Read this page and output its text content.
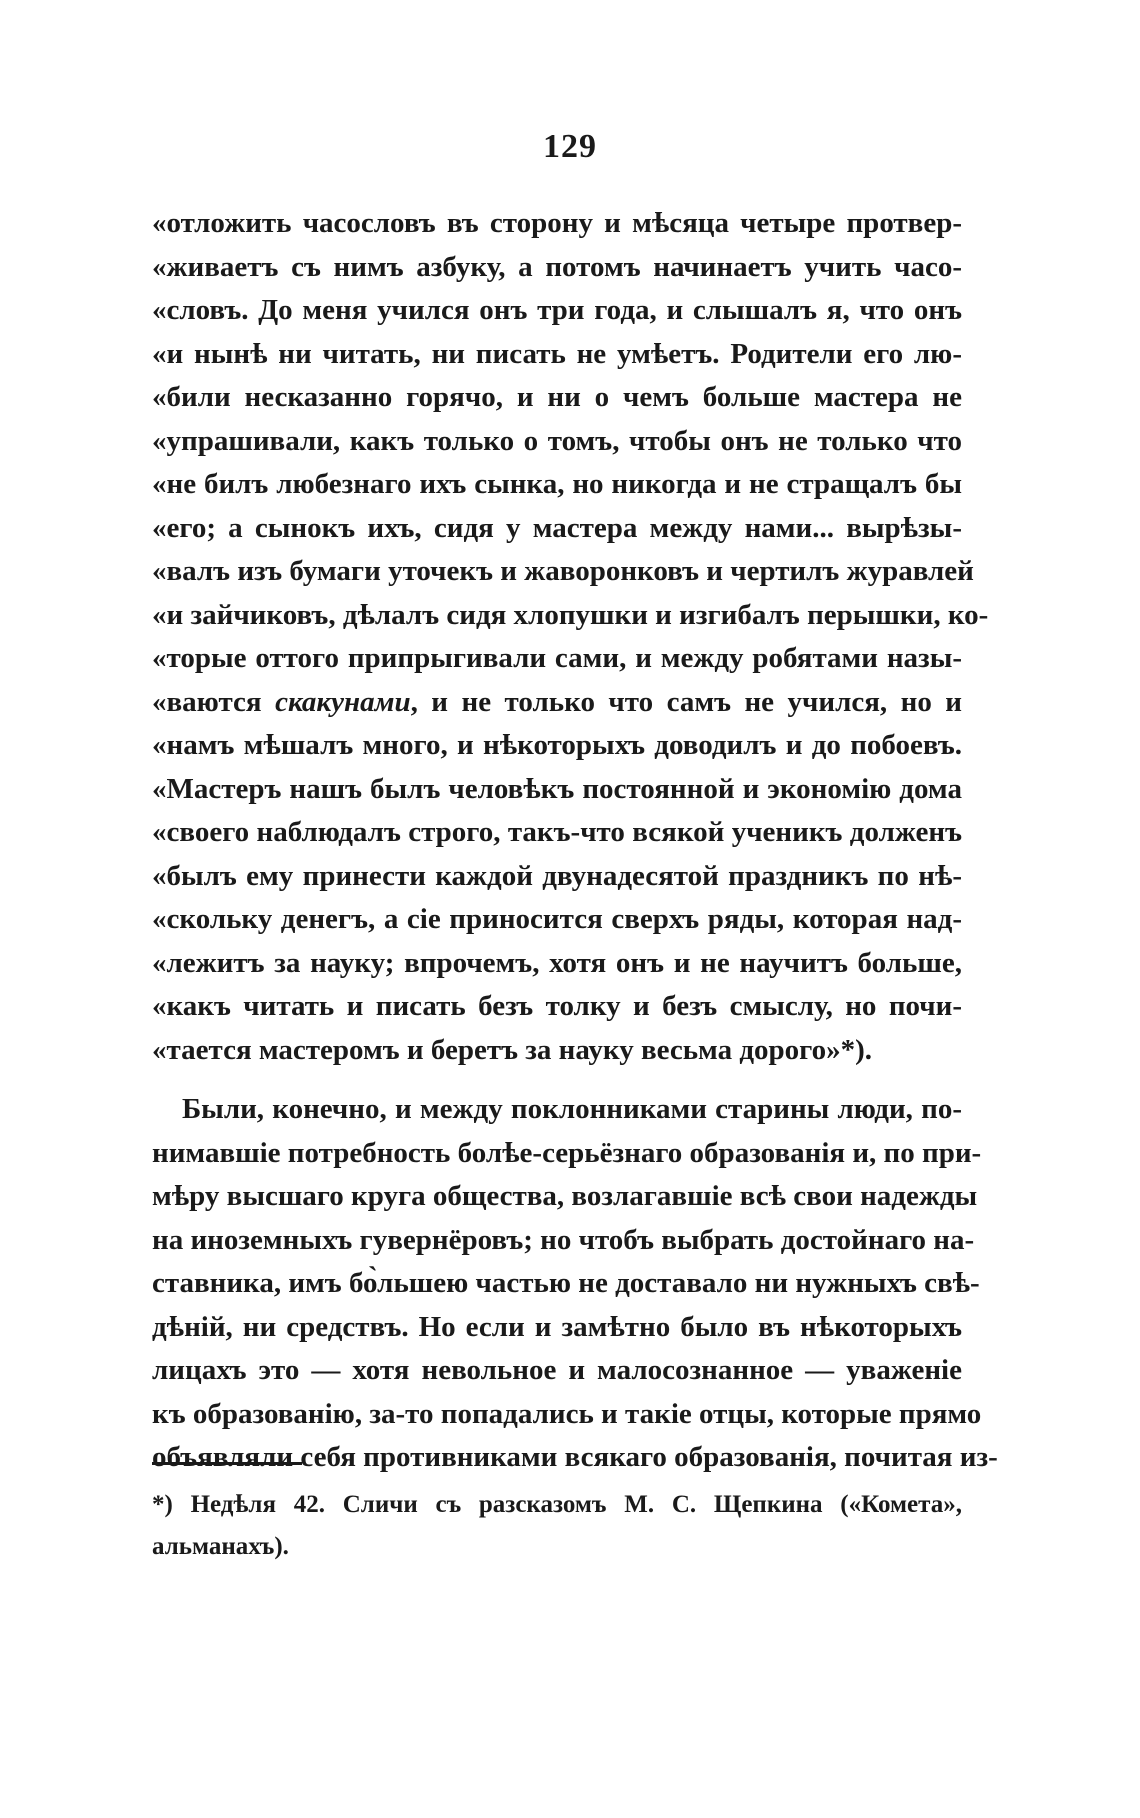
129
«отложить часословъ въ сторону и мѣсяца четыре протвер-
«живаетъ съ нимъ азбуку, а потомъ начинаетъ учить часо-
«словъ. До меня учился онъ три года, и слышалъ я, что онъ
«и нынѣ ни читать, ни писать не умѣетъ. Родители его лю-
«били несказанно горячо, и ни о чемъ больше мастера не
«упрашивали, какъ только о томъ, чтобы онъ не только что
«не билъ любезнаго ихъ сынка, но никогда и не стращалъ бы
«его; а сынокъ ихъ, сидя у мастера между нами... вырѣзы-
«валъ изъ бумаги уточекъ и жаворонковъ и чертилъ журавлей
«и зайчиковъ, дѣлалъ сидя хлопушки и изгибалъ перышки, ко-
«торые оттого припрыгивали сами, и между робятами назы-
«ваются скакунами, и не только что самъ не учился, но и
«намъ мѣшалъ много, и нѣкоторыхъ доводилъ и до побоевъ.
«Мастеръ нашъ былъ человѣкъ постоянной и экономію дома
«своего наблюдалъ строго, такъ-что всякой ученикъ долженъ
«былъ ему принести каждой двунадесятой праздникъ по нѣ-
«скольку денегъ, а сіе приносится сверхъ ряды, которая над-
«лежитъ за науку; впрочемъ, хотя онъ и не научитъ больше,
«какъ читать и писать безъ толку и безъ смыслу, но почи-
«тается мастеромъ и беретъ за науку весьма дорого»*).
Были, конечно, и между поклонниками старины люди, по-
нимавшіе потребность болѣе-серьёзнаго образованія и, по при-
мѣру высшаго круга общества, возлагавшіе всѣ свои надежды
на иноземныхъ гувернёровъ; но чтобъ выбрать достойнаго на-
ставника, имъ бо̀льшею частью не доставало ни нужныхъ свѣ-
дѣній, ни средствъ. Но если и замѣтно было въ нѣкоторыхъ
лицахъ это — хотя невольное и малосознанное — уваженіе
къ образованію, за-то попадались и такіе отцы, которые прямо
объявляли себя противниками всякаго образованія, почитая из-
*) Недѣля 42. Сличи съ разсказомъ М. С. Щепкина («Комета»,
альманахъ).
